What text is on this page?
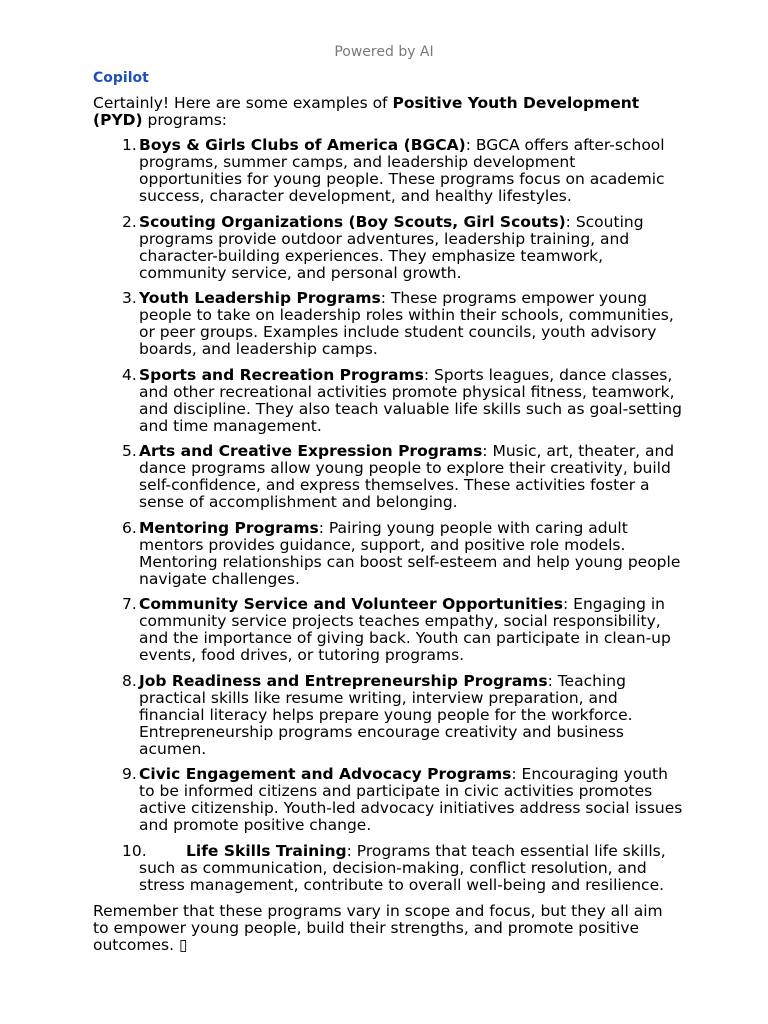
Powered by AI
Copilot

Certainly! Here are some examples of Positive Youth Development (PYD) programs:

1. Boys & Girls Clubs of America (BGCA): BGCA offers after-school programs, summer camps, and leadership development opportunities for young people. These programs focus on academic success, character development, and healthy lifestyles.
2. Scouting Organizations (Boy Scouts, Girl Scouts): Scouting programs provide outdoor adventures, leadership training, and character-building experiences. They emphasize teamwork, community service, and personal growth.
3. Youth Leadership Programs: These programs empower young people to take on leadership roles within their schools, communities, or peer groups. Examples include student councils, youth advisory boards, and leadership camps.
4. Sports and Recreation Programs: Sports leagues, dance classes, and other recreational activities promote physical fitness, teamwork, and discipline. They also teach valuable life skills such as goal-setting and time management.
5. Arts and Creative Expression Programs: Music, art, theater, and dance programs allow young people to explore their creativity, build self-confidence, and express themselves. These activities foster a sense of accomplishment and belonging.
6. Mentoring Programs: Pairing young people with caring adult mentors provides guidance, support, and positive role models. Mentoring relationships can boost self-esteem and help young people navigate challenges.
7. Community Service and Volunteer Opportunities: Engaging in community service projects teaches empathy, social responsibility, and the importance of giving back. Youth can participate in clean-up events, food drives, or tutoring programs.
8. Job Readiness and Entrepreneurship Programs: Teaching practical skills like resume writing, interview preparation, and financial literacy helps prepare young people for the workforce. Entrepreneurship programs encourage creativity and business acumen.
9. Civic Engagement and Advocacy Programs: Encouraging youth to be informed citizens and participate in civic activities promotes active citizenship. Youth-led advocacy initiatives address social issues and promote positive change.
10.	Life Skills Training: Programs that teach essential life skills, such as communication, decision-making, conflict resolution, and stress management, contribute to overall well-being and resilience.

Remember that these programs vary in scope and focus, but they all aim to empower young people, build their strengths, and promote positive outcomes. ▯
